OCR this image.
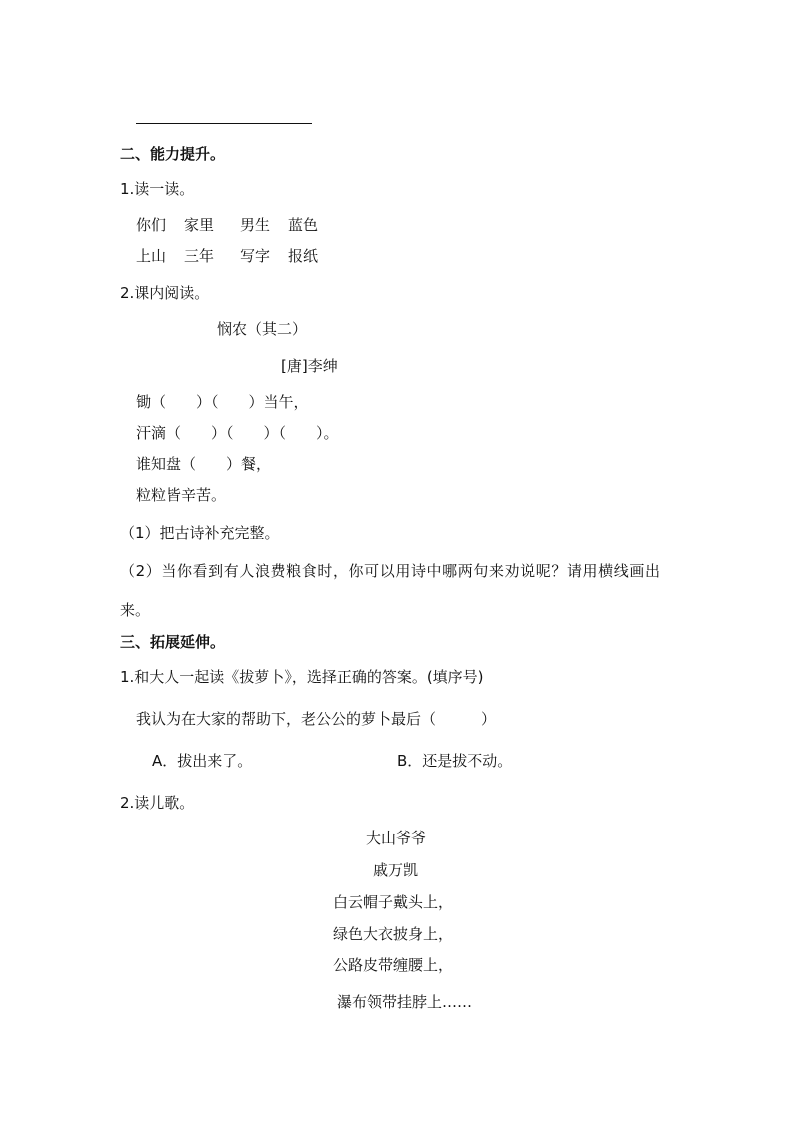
二、能力提升。
1.读一读。
你们 家里 男生 蓝色
上山 三年 写字 报纸
2.课内阅读。
悯农（其二）
[唐]李绅
锄（　　）（　　）当午，
汗滴（　　）（　　）（　　）。
谁知盘（　　）餐，
粒粒皆辛苦。
（1）把古诗补充完整。
（2）当你看到有人浪费粮食时，你可以用诗中哪两句来劝说呢？请用横线画出
来。
三、拓展延伸。
1.和大人一起读《拔萝卜》，选择正确的答案。(填序号)
我认为在大家的帮助下，老公公的萝卜最后（　　　）
A．拔出来了。	B．还是拔不动。
2.读儿歌。
大山爷爷
戚万凯
白云帽子戴头上，
绿色大衣披身上，
公路皮带缠腰上，
瀑布领带挂脖上……
